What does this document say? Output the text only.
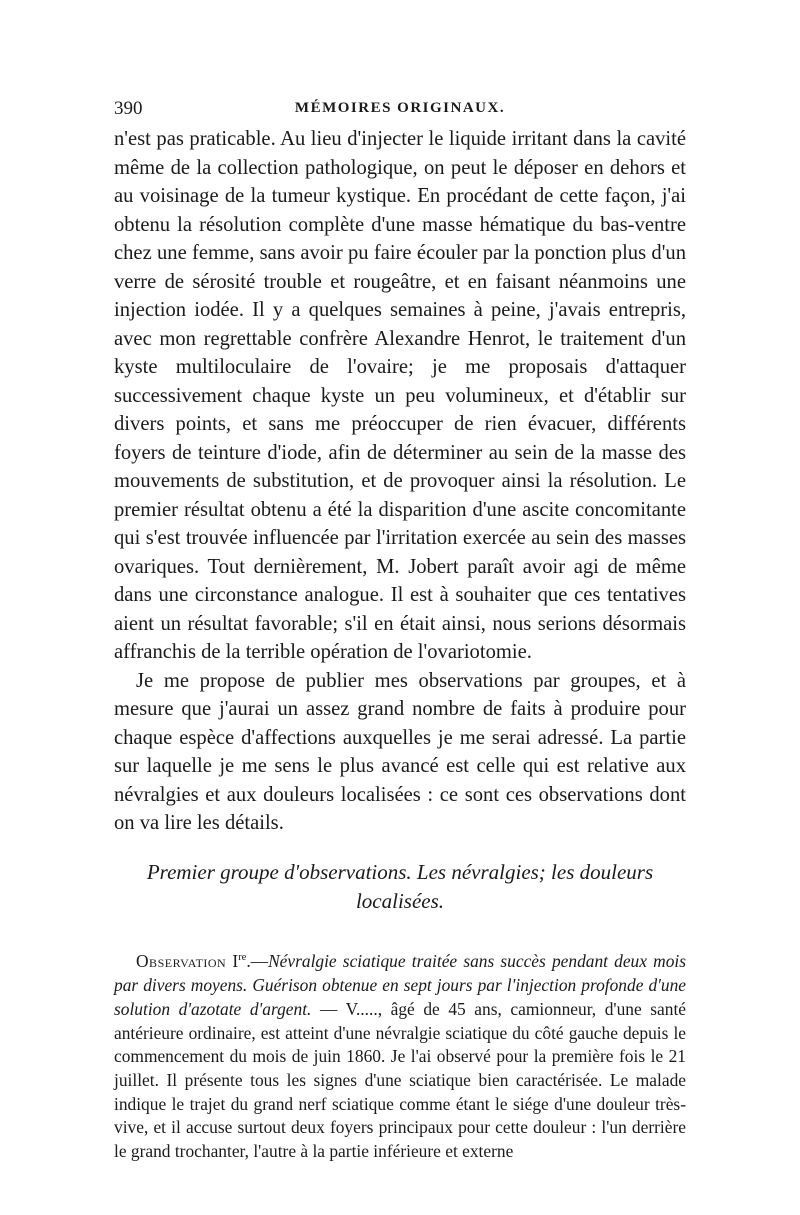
390	MÉMOIRES ORIGINAUX.

n'est pas praticable. Au lieu d'injecter le liquide irritant dans la cavité même de la collection pathologique, on peut le déposer en dehors et au voisinage de la tumeur kystique. En procédant de cette façon, j'ai obtenu la résolution complète d'une masse hématique du bas-ventre chez une femme, sans avoir pu faire écouler par la ponction plus d'un verre de sérosité trouble et rougeâtre, et en faisant néanmoins une injection iodée. Il y a quelques semaines à peine, j'avais entrepris, avec mon regrettable confrère Alexandre Henrot, le traitement d'un kyste multiloculaire de l'ovaire; je me proposais d'attaquer successivement chaque kyste un peu volumineux, et d'établir sur divers points, et sans me préoccuper de rien évacuer, différents foyers de teinture d'iode, afin de déterminer au sein de la masse des mouvements de substitution, et de provoquer ainsi la résolution. Le premier résultat obtenu a été la disparition d'une ascite concomitante qui s'est trouvée influencée par l'irritation exercée au sein des masses ovariques. Tout dernièrement, M. Jobert paraît avoir agi de même dans une circonstance analogue. Il est à souhaiter que ces tentatives aient un résultat favorable; s'il en était ainsi, nous serions désormais affranchis de la terrible opération de l'ovariotomie.

Je me propose de publier mes observations par groupes, et à mesure que j'aurai un assez grand nombre de faits à produire pour chaque espèce d'affections auxquelles je me serai adressé. La partie sur laquelle je me sens le plus avancé est celle qui est relative aux névralgies et aux douleurs localisées : ce sont ces observations dont on va lire les détails.

Premier groupe d'observations. Les névralgies; les douleurs localisées.

Observation Ire.—Névralgie sciatique traitée sans succès pendant deux mois par divers moyens. Guérison obtenue en sept jours par l'injection profonde d'une solution d'azotate d'argent. — V....., âgé de 45 ans, camionneur, d'une santé antérieure ordinaire, est atteint d'une névralgie sciatique du côté gauche depuis le commencement du mois de juin 1860. Je l'ai observé pour la première fois le 21 juillet. Il présente tous les signes d'une sciatique bien caractérisée. Le malade indique le trajet du grand nerf sciatique comme étant le siége d'une douleur très-vive, et il accuse surtout deux foyers principaux pour cette douleur : l'un derrière le grand trochanter, l'autre à la partie inférieure et externe
